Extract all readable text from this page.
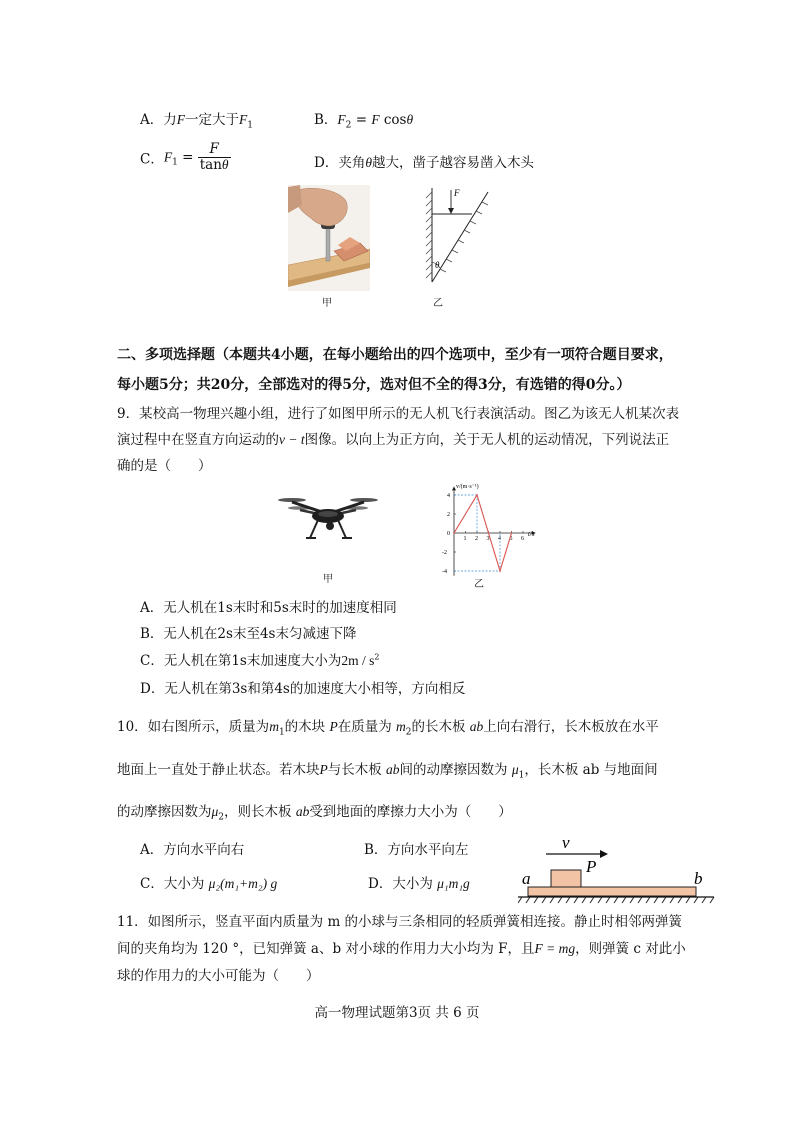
A．力F一定大于$F_1$	B．$F_2 = F$ cosθ
C．$F_1 = \frac{F}{\tan\theta}$	D．夹角θ越大，凿子越容易凿入木头
F
θ
甲	乙
二、多项选择题（本题共4小题，在每小题给出的四个选项中，至少有一项符合题目要求，
每小题5分；共20分，全部选对的得5分，选对但不全的得3分，有选错的得0分。）
9．某校高一物理兴趣小组，进行了如图甲所示的无人机飞行表演活动。图乙为该无人机某次表
演过程中在竖直方向运动的v − t图像。以向上为正方向，关于无人机的运动情况，下列说法正
确的是（　　）
甲
1 2 3 4 5 6
4
2
0
-2
-4
v/(m·s⁻¹)
t/s
乙
A．无人机在1s末时和5s末时的加速度相同
B．无人机在2s末至4s末匀减速下降
C．无人机在第1s末加速度大小为$2m / s^2$
D．无人机在第3s和第4s的加速度大小相等，方向相反
10．如右图所示，质量为$m_1$的木块 P在质量为 $m_2$的长木板 ab上向右滑行，长木板放在水平
地面上一直处于静止状态。若木块P与长木板 ab间的动摩擦因数为 $\mu_1$，长木板 ab 与地面间
的动摩擦因数为$\mu_2$，则长木板 ab受到地面的摩擦力大小为（　　）
A．方向水平向右	B．方向水平向左
C．大小为 μ₂(m₁+m₂) g	D．大小为 μ₁m₁g
v
P
a	b
11．如图所示，竖直平面内质量为 m 的小球与三条相同的轻质弹簧相连接。静止时相邻两弹簧
间的夹角均为 120 °，已知弹簧 a、b 对小球的作用力大小均为 F，且F = mg，则弹簧 c 对此小
球的作用力的大小可能为（　　）
高一物理试题第3页 共 6 页
